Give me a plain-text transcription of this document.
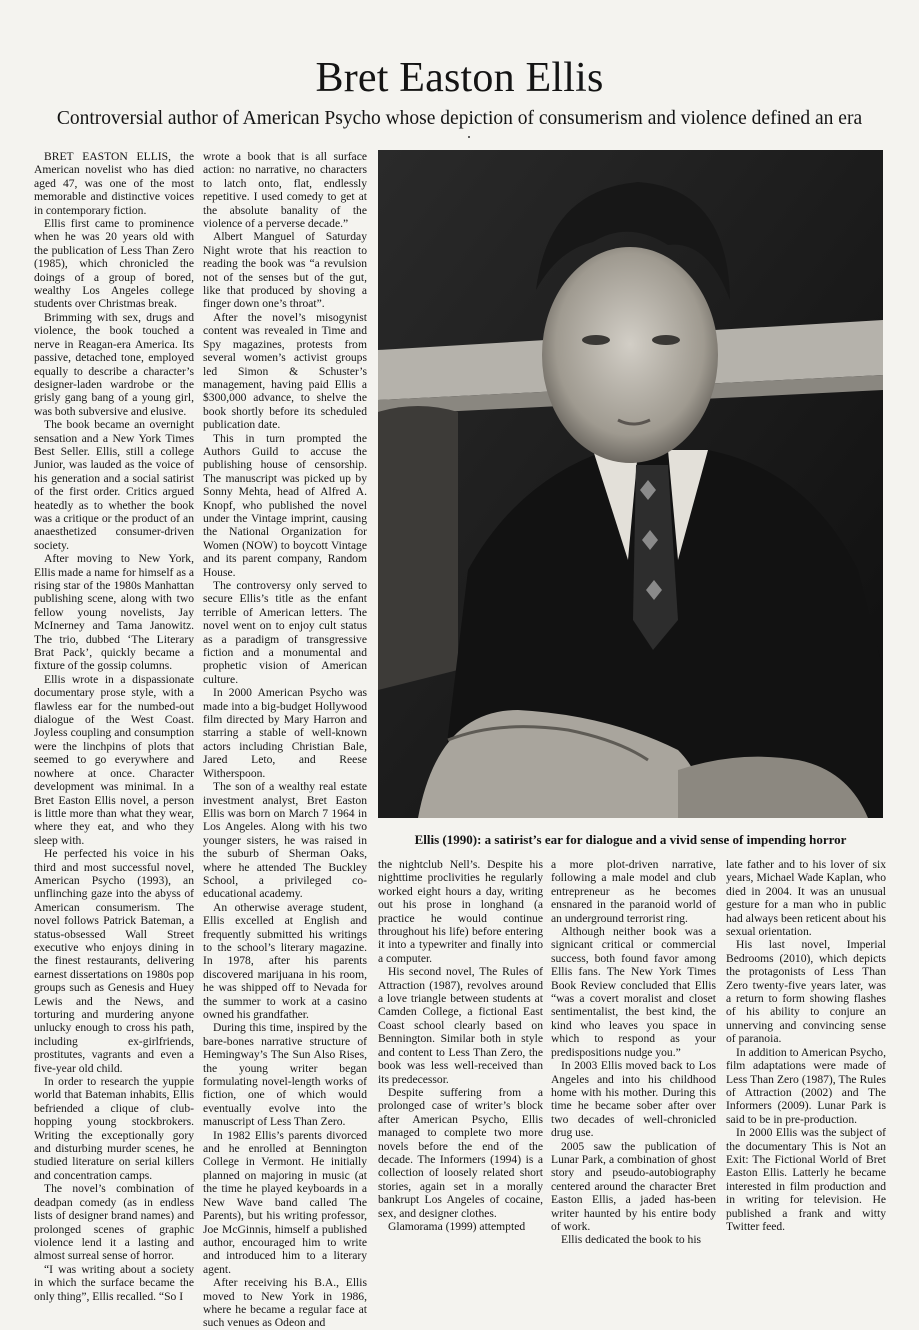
Bret Easton Ellis
Controversial author of American Psycho whose depiction of consumerism and violence defined an era

BRET EASTON ELLIS, the American novelist who has died aged 47, was one of the most memorable and distinctive voices in contemporary fiction.

Ellis first came to prominence when he was 20 years old with the publication of Less Than Zero (1985), which chronicled the doings of a group of bored, wealthy Los Angeles college students over Christmas break.

Brimming with sex, drugs and violence, the book touched a nerve in Reagan-era America. Its passive, detached tone, employed equally to describe a character’s designer-laden wardrobe or the grisly gang bang of a young girl, was both subversive and elusive.

The book became an overnight sensation and a New York Times Best Seller. Ellis, still a college Junior, was lauded as the voice of his generation and a social satirist of the first order. Critics argued heatedly as to whether the book was a critique or the product of an anaesthetized consumer-driven society.

After moving to New York, Ellis made a name for himself as a rising star of the 1980s Manhattan publishing scene, along with two fellow young novelists, Jay McInerney and Tama Janowitz. The trio, dubbed ‘The Literary Brat Pack’, quickly became a fixture of the gossip columns.

Ellis wrote in a dispassionate documentary prose style, with a flawless ear for the numbed-out dialogue of the West Coast. Joyless coupling and consumption were the linchpins of plots that seemed to go everywhere and nowhere at once. Character development was minimal. In a Bret Easton Ellis novel, a person is little more than what they wear, where they eat, and who they sleep with.

He perfected his voice in his third and most successful novel, American Psycho (1993), an unflinching gaze into the abyss of American consumerism. The novel follows Patrick Bateman, a status-obsessed Wall Street executive who enjoys dining in the finest restaurants, delivering earnest dissertations on 1980s pop groups such as Genesis and Huey Lewis and the News, and torturing and murdering anyone unlucky enough to cross his path, including ex-girlfriends, prostitutes, vagrants and even a five-year old child.

In order to research the yuppie world that Bateman inhabits, Ellis befriended a clique of club-hopping young stockbrokers. Writing the exceptionally gory and disturbing murder scenes, he studied literature on serial killers and concentration camps.

The novel’s combination of deadpan comedy (as in endless lists of designer brand names) and prolonged scenes of graphic violence lend it a lasting and almost surreal sense of horror.

“I was writing about a society in which the surface became the only thing”, Ellis recalled. “So I

wrote a book that is all surface action: no narrative, no characters to latch onto, flat, endlessly repetitive. I used comedy to get at the absolute banality of the violence of a perverse decade.”

Albert Manguel of Saturday Night wrote that his reaction to reading the book was “a revulsion not of the senses but of the gut, like that produced by shoving a finger down one’s throat”.

After the novel’s misogynist content was revealed in Time and Spy magazines, protests from several women’s activist groups led Simon & Schuster’s management, having paid Ellis a $300,000 advance, to shelve the book shortly before its scheduled publication date.

This in turn prompted the Authors Guild to accuse the publishing house of censorship. The manuscript was picked up by Sonny Mehta, head of Alfred A. Knopf, who published the novel under the Vintage imprint, causing the National Organization for Women (NOW) to boycott Vintage and its parent company, Random House.

The controversy only served to secure Ellis’s title as the enfant terrible of American letters. The novel went on to enjoy cult status as a paradigm of transgressive fiction and a monumental and prophetic vision of American culture.

In 2000 American Psycho was made into a big-budget Hollywood film directed by Mary Harron and starring a stable of well-known actors including Christian Bale, Jared Leto, and Reese Witherspoon.

The son of a wealthy real estate investment analyst, Bret Easton Ellis was born on March 7 1964 in Los Angeles. Along with his two younger sisters, he was raised in the suburb of Sherman Oaks, where he attended The Buckley School, a privileged co-educational academy.

An otherwise average student, Ellis excelled at English and frequently submitted his writings to the school’s literary magazine. In 1978, after his parents discovered marijuana in his room, he was shipped off to Nevada for the summer to work at a casino owned his grandfather.

During this time, inspired by the bare-bones narrative structure of Hemingway’s The Sun Also Rises, the young writer began formulating novel-length works of fiction, one of which would eventually evolve into the manuscript of Less Than Zero.

In 1982 Ellis’s parents divorced and he enrolled at Bennington College in Vermont. He initially planned on majoring in music (at the time he played keyboards in a New Wave band called The Parents), but his writing professor, Joe McGinnis, himself a published author, encouraged him to write and introduced him to a literary agent.

After receiving his B.A., Ellis moved to New York in 1986, where he became a regular face at such venues as Odeon and

Ellis (1990): a satirist’s ear for dialogue and a vivid sense of impending horror

the nightclub Nell’s. Despite his nighttime proclivities he regularly worked eight hours a day, writing out his prose in longhand (a practice he would continue throughout his life) before entering it into a typewriter and finally into a computer.

His second novel, The Rules of Attraction (1987), revolves around a love triangle between students at Camden College, a fictional East Coast school clearly based on Bennington. Similar both in style and content to Less Than Zero, the book was less well-received than its predecessor.

Despite suffering from a prolonged case of writer’s block after American Psycho, Ellis managed to complete two more novels before the end of the decade. The Informers (1994) is a collection of loosely related short stories, again set in a morally bankrupt Los Angeles of cocaine, sex, and designer clothes.

Glamorama (1999) attempted

a more plot-driven narrative, following a male model and club entrepreneur as he becomes ensnared in the paranoid world of an underground terrorist ring.

Although neither book was a signicant critical or commercial success, both found favor among Ellis fans. The New York Times Book Review concluded that Ellis “was a covert moralist and closet sentimentalist, the best kind, the kind who leaves you space in which to respond as your predispositions nudge you.”

In 2003 Ellis moved back to Los Angeles and into his childhood home with his mother. During this time he became sober after over two decades of well-chronicled drug use.

2005 saw the publication of Lunar Park, a combination of ghost story and pseudo-autobiography centered around the character Bret Easton Ellis, a jaded has-been writer haunted by his entire body of work.

Ellis dedicated the book to his

late father and to his lover of six years, Michael Wade Kaplan, who died in 2004. It was an unusual gesture for a man who in public had always been reticent about his sexual orientation.

His last novel, Imperial Bedrooms (2010), which depicts the protagonists of Less Than Zero twenty-five years later, was a return to form showing flashes of his ability to conjure an unnerving and convincing sense of paranoia.

In addition to American Psycho, film adaptations were made of Less Than Zero (1987), The Rules of Attraction (2002) and The Informers (2009). Lunar Park is said to be in pre-production.

In 2000 Ellis was the subject of the documentary This is Not an Exit: The Fictional World of Bret Easton Ellis. Latterly he became interested in film production and in writing for television. He published a frank and witty Twitter feed.
